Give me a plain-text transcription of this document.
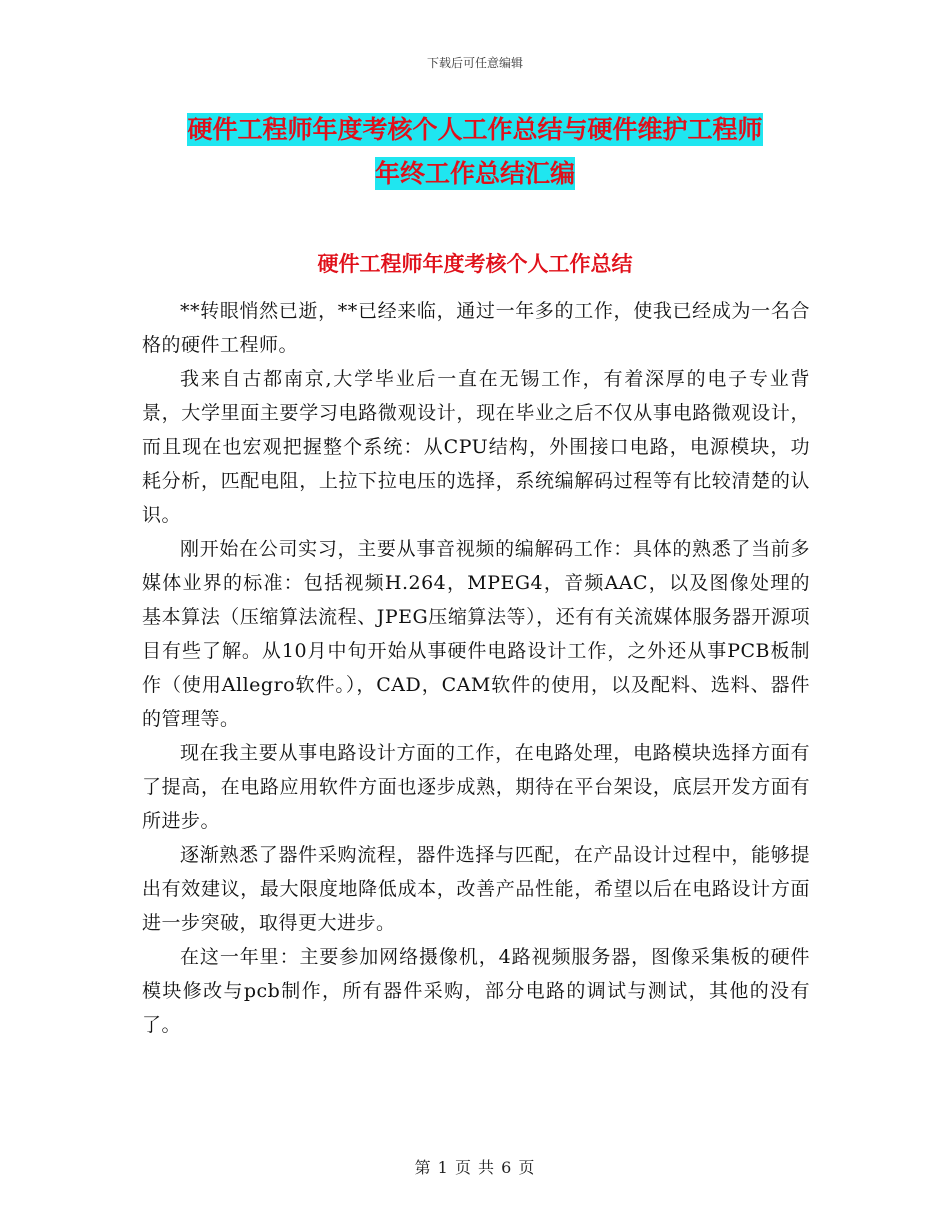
下载后可任意编辑
硬件工程师年度考核个人工作总结与硬件维护工程师
年终工作总结汇编
硬件工程师年度考核个人工作总结

**转眼悄然已逝，**已经来临，通过一年多的工作，使我已经成为一名合格的硬件工程师。

我来自古都南京,大学毕业后一直在无锡工作，有着深厚的电子专业背景，大学里面主要学习电路微观设计，现在毕业之后不仅从事电路微观设计，而且现在也宏观把握整个系统：从CPU结构，外围接口电路，电源模块，功耗分析，匹配电阻，上拉下拉电压的选择，系统编解码过程等有比较清楚的认识。

刚开始在公司实习，主要从事音视频的编解码工作：具体的熟悉了当前多媒体业界的标准：包括视频H.264，MPEG4，音频AAC，以及图像处理的基本算法（压缩算法流程、JPEG压缩算法等），还有有关流媒体服务器开源项目有些了解。从10月中旬开始从事硬件电路设计工作，之外还从事PCB板制作（使用Allegro软件。），CAD，CAM软件的使用，以及配料、选料、器件的管理等。

现在我主要从事电路设计方面的工作，在电路处理，电路模块选择方面有了提高，在电路应用软件方面也逐步成熟，期待在平台架设，底层开发方面有所进步。

逐渐熟悉了器件采购流程，器件选择与匹配，在产品设计过程中，能够提出有效建议，最大限度地降低成本，改善产品性能，希望以后在电路设计方面进一步突破，取得更大进步。

在这一年里：主要参加网络摄像机，4路视频服务器，图像采集板的硬件模块修改与pcb制作，所有器件采购，部分电路的调试与测试，其他的没有了。

第 1 页 共 6 页
